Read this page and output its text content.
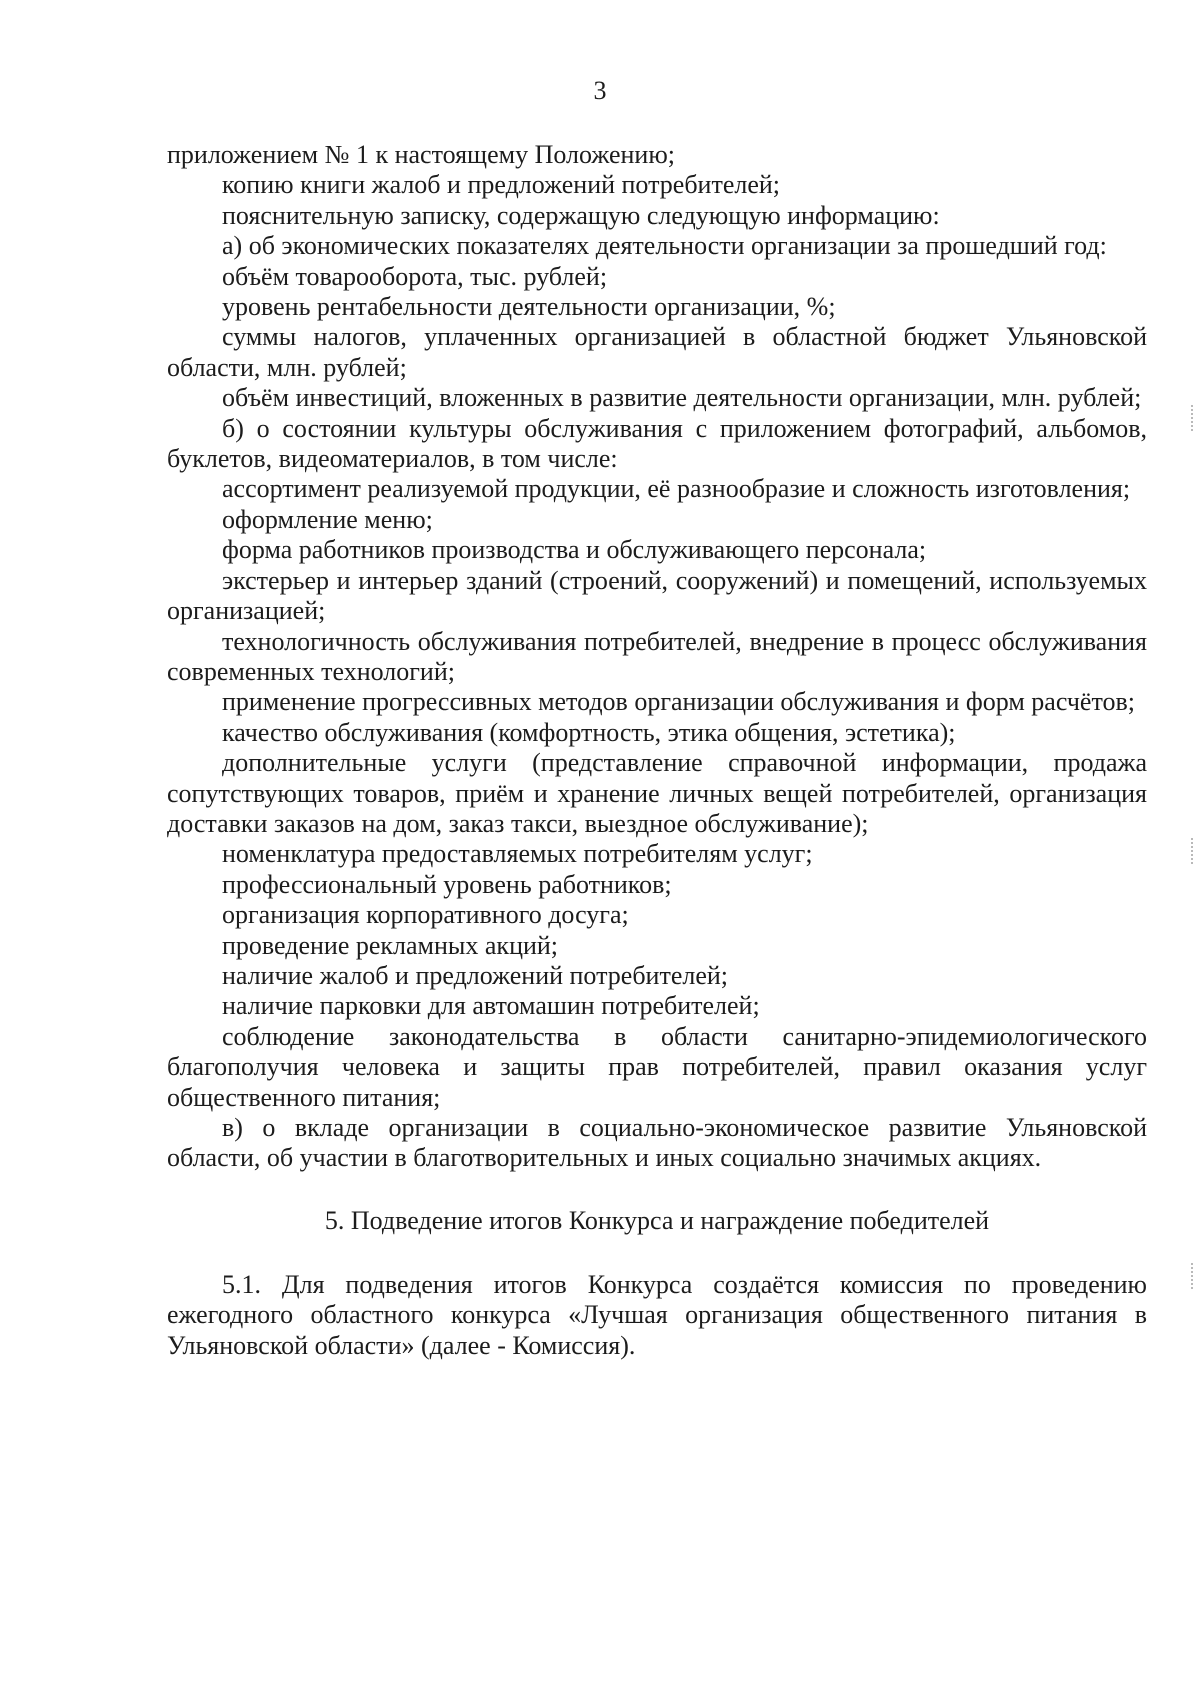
3

приложением № 1 к настоящему Положению;

копию книги жалоб и предложений потребителей;

пояснительную записку, содержащую следующую информацию:

а) об экономических показателях деятельности организации за прошедший год:

объём товарооборота, тыс. рублей;

уровень рентабельности деятельности организации, %;

суммы налогов, уплаченных организацией в областной бюджет Ульяновской области, млн. рублей;

объём инвестиций, вложенных в развитие деятельности организации, млн. рублей;

б) о состоянии культуры обслуживания с приложением фотографий, альбомов, буклетов, видеоматериалов, в том числе:

ассортимент реализуемой продукции, её разнообразие и сложность изготовления;

оформление меню;

форма работников производства и обслуживающего персонала;

экстерьер и интерьер зданий (строений, сооружений) и помещений, используемых организацией;

технологичность обслуживания потребителей, внедрение в процесс обслуживания современных технологий;

применение прогрессивных методов организации обслуживания и форм расчётов;

качество обслуживания (комфортность, этика общения, эстетика);

дополнительные услуги (представление справочной информации, продажа сопутствующих товаров, приём и хранение личных вещей потребителей, организация доставки заказов на дом, заказ такси, выездное обслуживание);

номенклатура предоставляемых потребителям услуг;

профессиональный уровень работников;

организация корпоративного досуга;

проведение рекламных акций;

наличие жалоб и предложений потребителей;

наличие парковки для автомашин потребителей;

соблюдение законодательства в области санитарно-эпидемиологического благополучия человека и защиты прав потребителей, правил оказания услуг общественного питания;

в) о вкладе организации в социально-экономическое развитие Ульяновской области, об участии в благотворительных и иных социально значимых акциях.

5. Подведение итогов Конкурса и награждение победителей

5.1. Для подведения итогов Конкурса создаётся комиссия по проведению ежегодного областного конкурса «Лучшая организация общественного питания в Ульяновской области» (далее - Комиссия).
